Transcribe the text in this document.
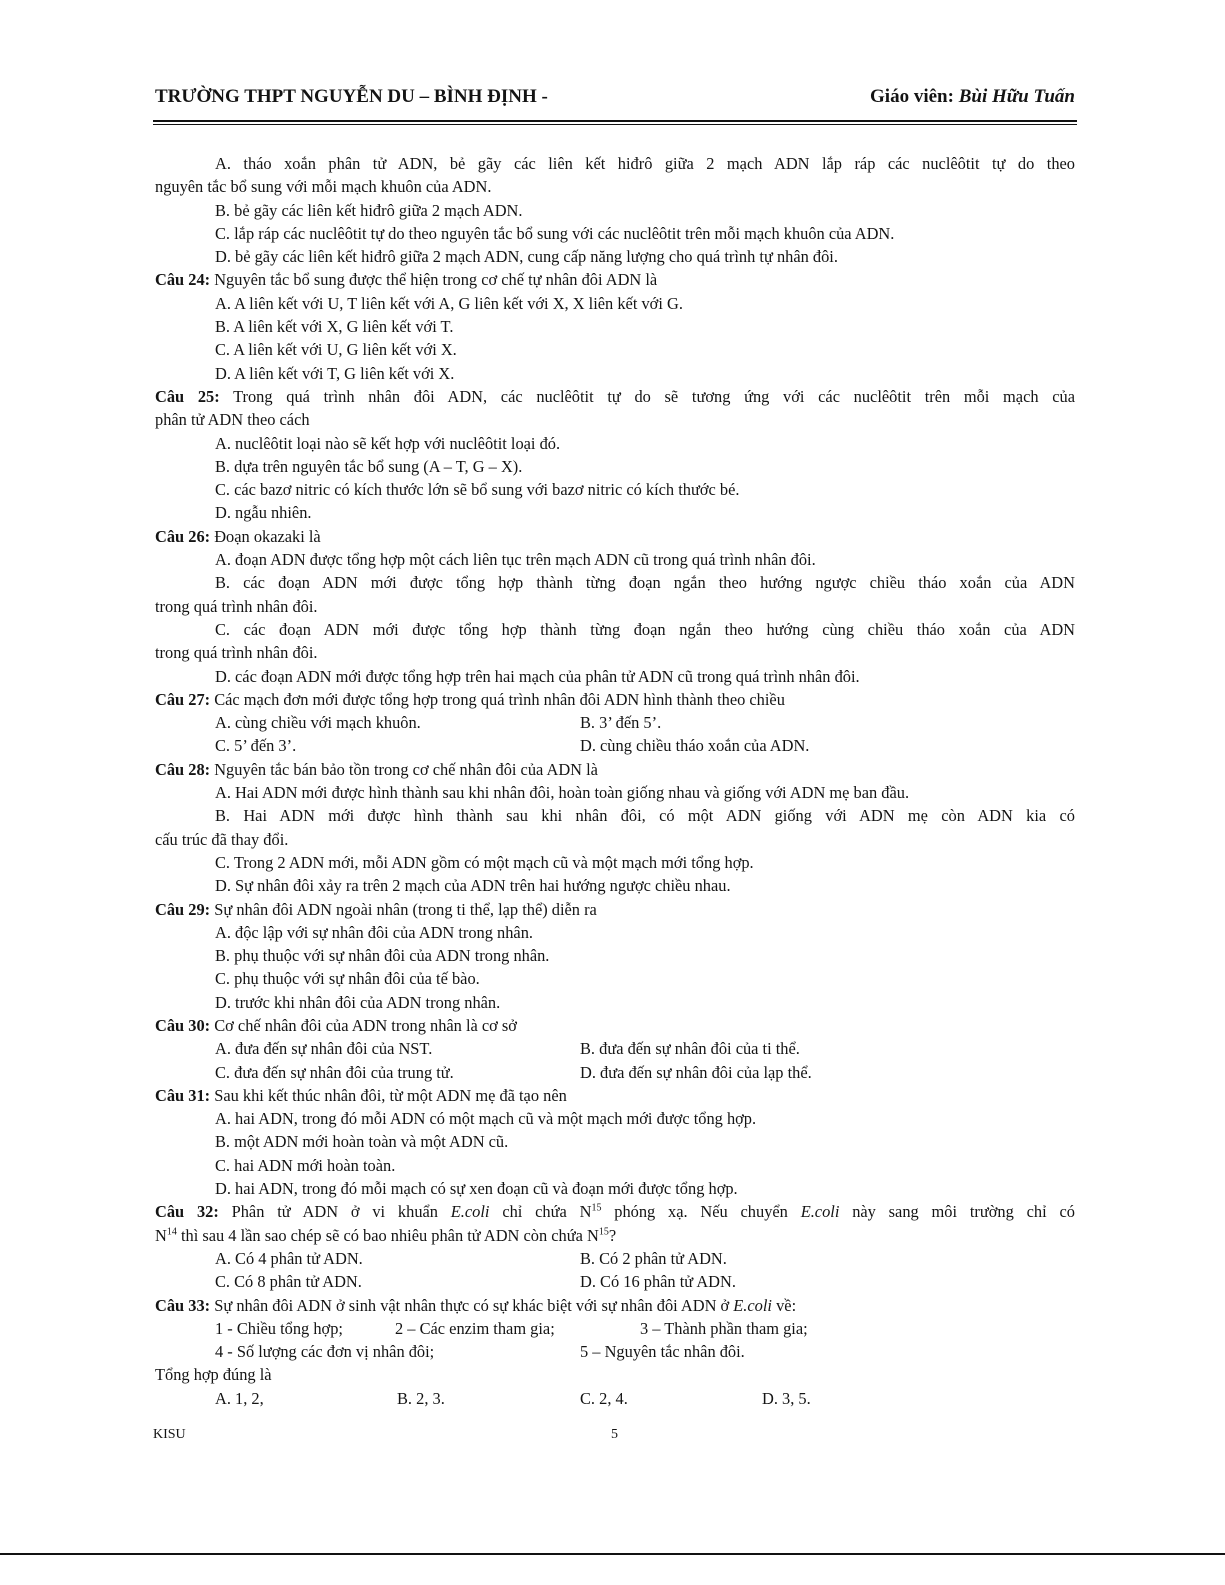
TRƯỜNG THPT NGUYỄN DU – BÌNH ĐỊNH -	Giáo viên: Bùi Hữu Tuấn
A. tháo xoắn phân tử ADN, bẻ gãy các liên kết hiđrô giữa 2 mạch ADN lắp ráp các nuclêôtit tự do theo
nguyên tắc bổ sung với mỗi mạch khuôn của ADN.
B. bẻ gãy các liên kết hiđrô giữa 2 mạch ADN.
C. lắp ráp các nuclêôtit tự do theo nguyên tắc bổ sung với các nuclêôtit trên mỗi mạch khuôn của ADN.
D. bẻ gãy các liên kết hiđrô giữa 2 mạch ADN, cung cấp năng lượng cho quá trình tự nhân đôi.
Câu 24: Nguyên tắc bổ sung được thể hiện trong cơ chế tự nhân đôi ADN là
A. A liên kết với U, T liên kết với A, G liên kết với X, X liên kết với G.
B. A liên kết với X, G liên kết với T.
C. A liên kết với U, G liên kết với X.
D. A liên kết với T, G liên kết với X.
Câu 25: Trong quá trình nhân đôi ADN, các nuclêôtit tự do sẽ tương ứng với các nuclêôtit trên mỗi mạch của
phân tử ADN theo cách
A. nuclêôtit loại nào sẽ kết hợp với nuclêôtit loại đó.
B. dựa trên nguyên tắc bổ sung (A – T, G – X).
C. các bazơ nitric có kích thước lớn sẽ bổ sung với bazơ nitric có kích thước bé.
D. ngẫu nhiên.
Câu 26: Đoạn okazaki là
A. đoạn ADN được tổng hợp một cách liên tục trên mạch ADN cũ trong quá trình nhân đôi.
B. các đoạn ADN mới được tổng hợp thành từng đoạn ngắn theo hướng ngược chiều tháo xoắn của ADN
trong quá trình nhân đôi.
C. các đoạn ADN mới được tổng hợp thành từng đoạn ngắn theo hướng cùng chiều tháo xoắn của ADN
trong quá trình nhân đôi.
D. các đoạn ADN mới được tổng hợp trên hai mạch của phân tử ADN cũ trong quá trình nhân đôi.
Câu 27: Các mạch đơn mới được tổng hợp trong quá trình nhân đôi ADN hình thành theo chiều
A. cùng chiều với mạch khuôn.	B. 3’ đến 5’.
C. 5’ đến 3’.	D. cùng chiều tháo xoắn của ADN.
Câu 28: Nguyên tắc bán bảo tồn trong cơ chế nhân đôi của ADN là
A. Hai ADN mới được hình thành sau khi nhân đôi, hoàn toàn giống nhau và giống với ADN mẹ ban đầu.
B. Hai ADN mới được hình thành sau khi nhân đôi, có một ADN giống với ADN mẹ còn ADN kia có
cấu trúc đã thay đổi.
C. Trong 2 ADN mới, mỗi ADN gồm có một mạch cũ và một mạch mới tổng hợp.
D. Sự nhân đôi xảy ra trên 2 mạch của ADN trên hai hướng ngược chiều nhau.
Câu 29: Sự nhân đôi ADN ngoài nhân (trong ti thể, lạp thể) diễn ra
A. độc lập với sự nhân đôi của ADN trong nhân.
B. phụ thuộc với sự nhân đôi của ADN trong nhân.
C. phụ thuộc với sự nhân đôi của tế bào.
D. trước khi nhân đôi của ADN trong nhân.
Câu 30: Cơ chế nhân đôi của ADN trong nhân là cơ sở
A. đưa đến sự nhân đôi của NST.	B. đưa đến sự nhân đôi của ti thể.
C. đưa đến sự nhân đôi của trung tử.	D. đưa đến sự nhân đôi của lạp thể.
Câu 31: Sau khi kết thúc nhân đôi, từ một ADN mẹ đã tạo nên
A. hai ADN, trong đó mỗi ADN có một mạch cũ và một mạch mới được tổng hợp.
B. một ADN mới hoàn toàn và một ADN cũ.
C. hai ADN mới hoàn toàn.
D. hai ADN, trong đó mỗi mạch có sự xen đoạn cũ và đoạn mới được tổng hợp.
Câu 32: Phân tử ADN ở vi khuẩn E.coli chỉ chứa $N^{15}$ phóng xạ. Nếu chuyển E.coli này sang môi trường chỉ có
$N^{14}$ thì sau 4 lần sao chép sẽ có bao nhiêu phân tử ADN còn chứa $N^{15}$?
A. Có 4 phân tử ADN.	B. Có 2 phân tử ADN.
C. Có 8 phân tử ADN.	D. Có 16 phân tử ADN.
Câu 33: Sự nhân đôi ADN ở sinh vật nhân thực có sự khác biệt với sự nhân đôi ADN ở E.coli về:
1 - Chiều tổng hợp;	2 – Các enzim tham gia;	3 – Thành phần tham gia;
4 - Số lượng các đơn vị nhân đôi;	5 – Nguyên tắc nhân đôi.
Tổng hợp đúng là
A. 1, 2,	B. 2, 3.	C. 2, 4.	D. 3, 5.
KISU	5
